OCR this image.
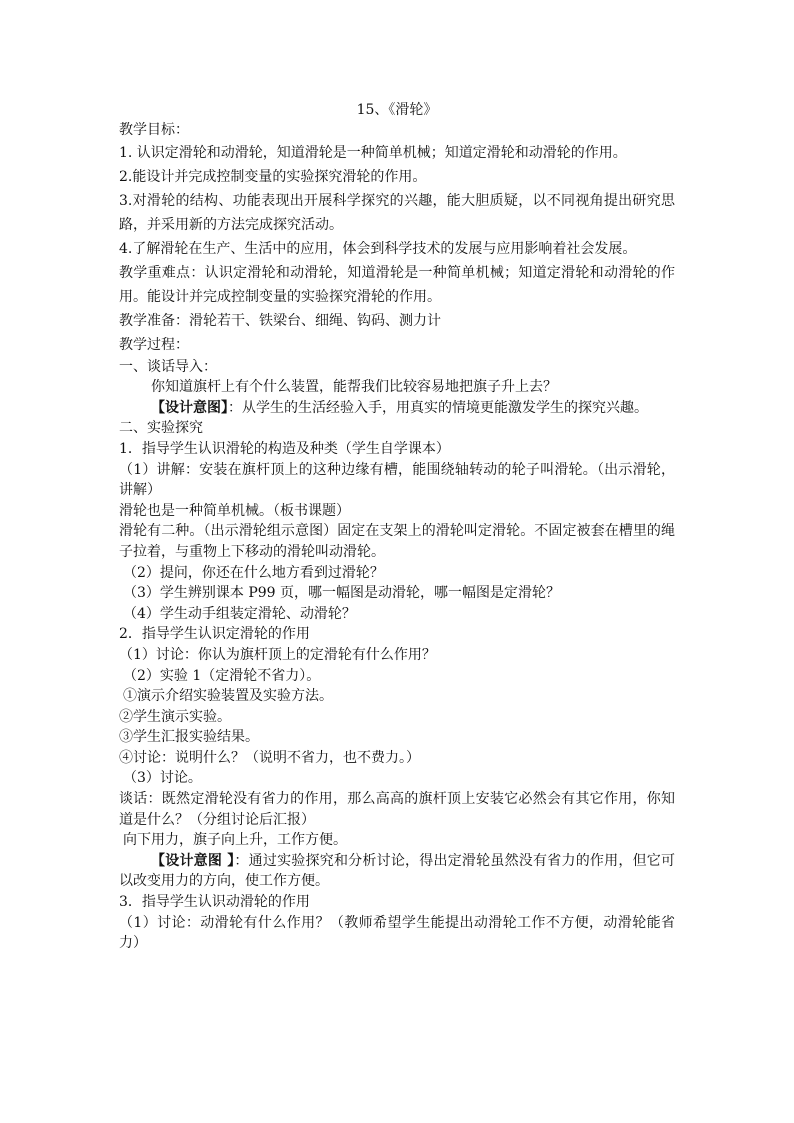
15、《滑轮》

教学目标：

1. 认识定滑轮和动滑轮，知道滑轮是一种简单机械；知道定滑轮和动滑轮的作用。

2.能设计并完成控制变量的实验探究滑轮的作用。

3.对滑轮的结构、功能表现出开展科学探究的兴趣，能大胆质疑，以不同视角提出研究思路，并采用新的方法完成探究活动。

4.了解滑轮在生产、生活中的应用，体会到科学技术的发展与应用影响着社会发展。

教学重难点：认识定滑轮和动滑轮，知道滑轮是一种简单机械；知道定滑轮和动滑轮的作用。能设计并完成控制变量的实验探究滑轮的作用。

教学准备：滑轮若干、铁梁台、细绳、钩码、测力计

教学过程：

一、谈话导入：

你知道旗杆上有个什么装置，能帮我们比较容易地把旗子升上去？

【设计意图】：从学生的生活经验入手，用真实的情境更能激发学生的探究兴趣。

二、实验探究

1．指导学生认识滑轮的构造及种类（学生自学课本）

（1）讲解：安装在旗杆顶上的这种边缘有槽，能围绕轴转动的轮子叫滑轮。（出示滑轮，讲解）

滑轮也是一种简单机械。（板书课题）

滑轮有二种。（出示滑轮组示意图）固定在支架上的滑轮叫定滑轮。不固定被套在槽里的绳子拉着，与重物上下移动的滑轮叫动滑轮。

（2）提问，你还在什么地方看到过滑轮？

（3）学生辨别课本 P99 页，哪一幅图是动滑轮，哪一幅图是定滑轮？

（4）学生动手组装定滑轮、动滑轮？

2．指导学生认识定滑轮的作用

（1）讨论：你认为旗杆顶上的定滑轮有什么作用？

（2）实验 1（定滑轮不省力）。

①演示介绍实验装置及实验方法。

②学生演示实验。

③学生汇报实验结果。

④讨论：说明什么？（说明不省力，也不费力。）

（3）讨论。

谈话：既然定滑轮没有省力的作用，那么高高的旗杆顶上安装它必然会有其它作用，你知道是什么？（分组讨论后汇报）

向下用力，旗子向上升，工作方便。

【设计意图 】：通过实验探究和分析讨论，得出定滑轮虽然没有省力的作用，但它可以改变用力的方向，使工作方便。

3．指导学生认识动滑轮的作用

（1）讨论：动滑轮有什么作用？（教师希望学生能提出动滑轮工作不方便，动滑轮能省力）
